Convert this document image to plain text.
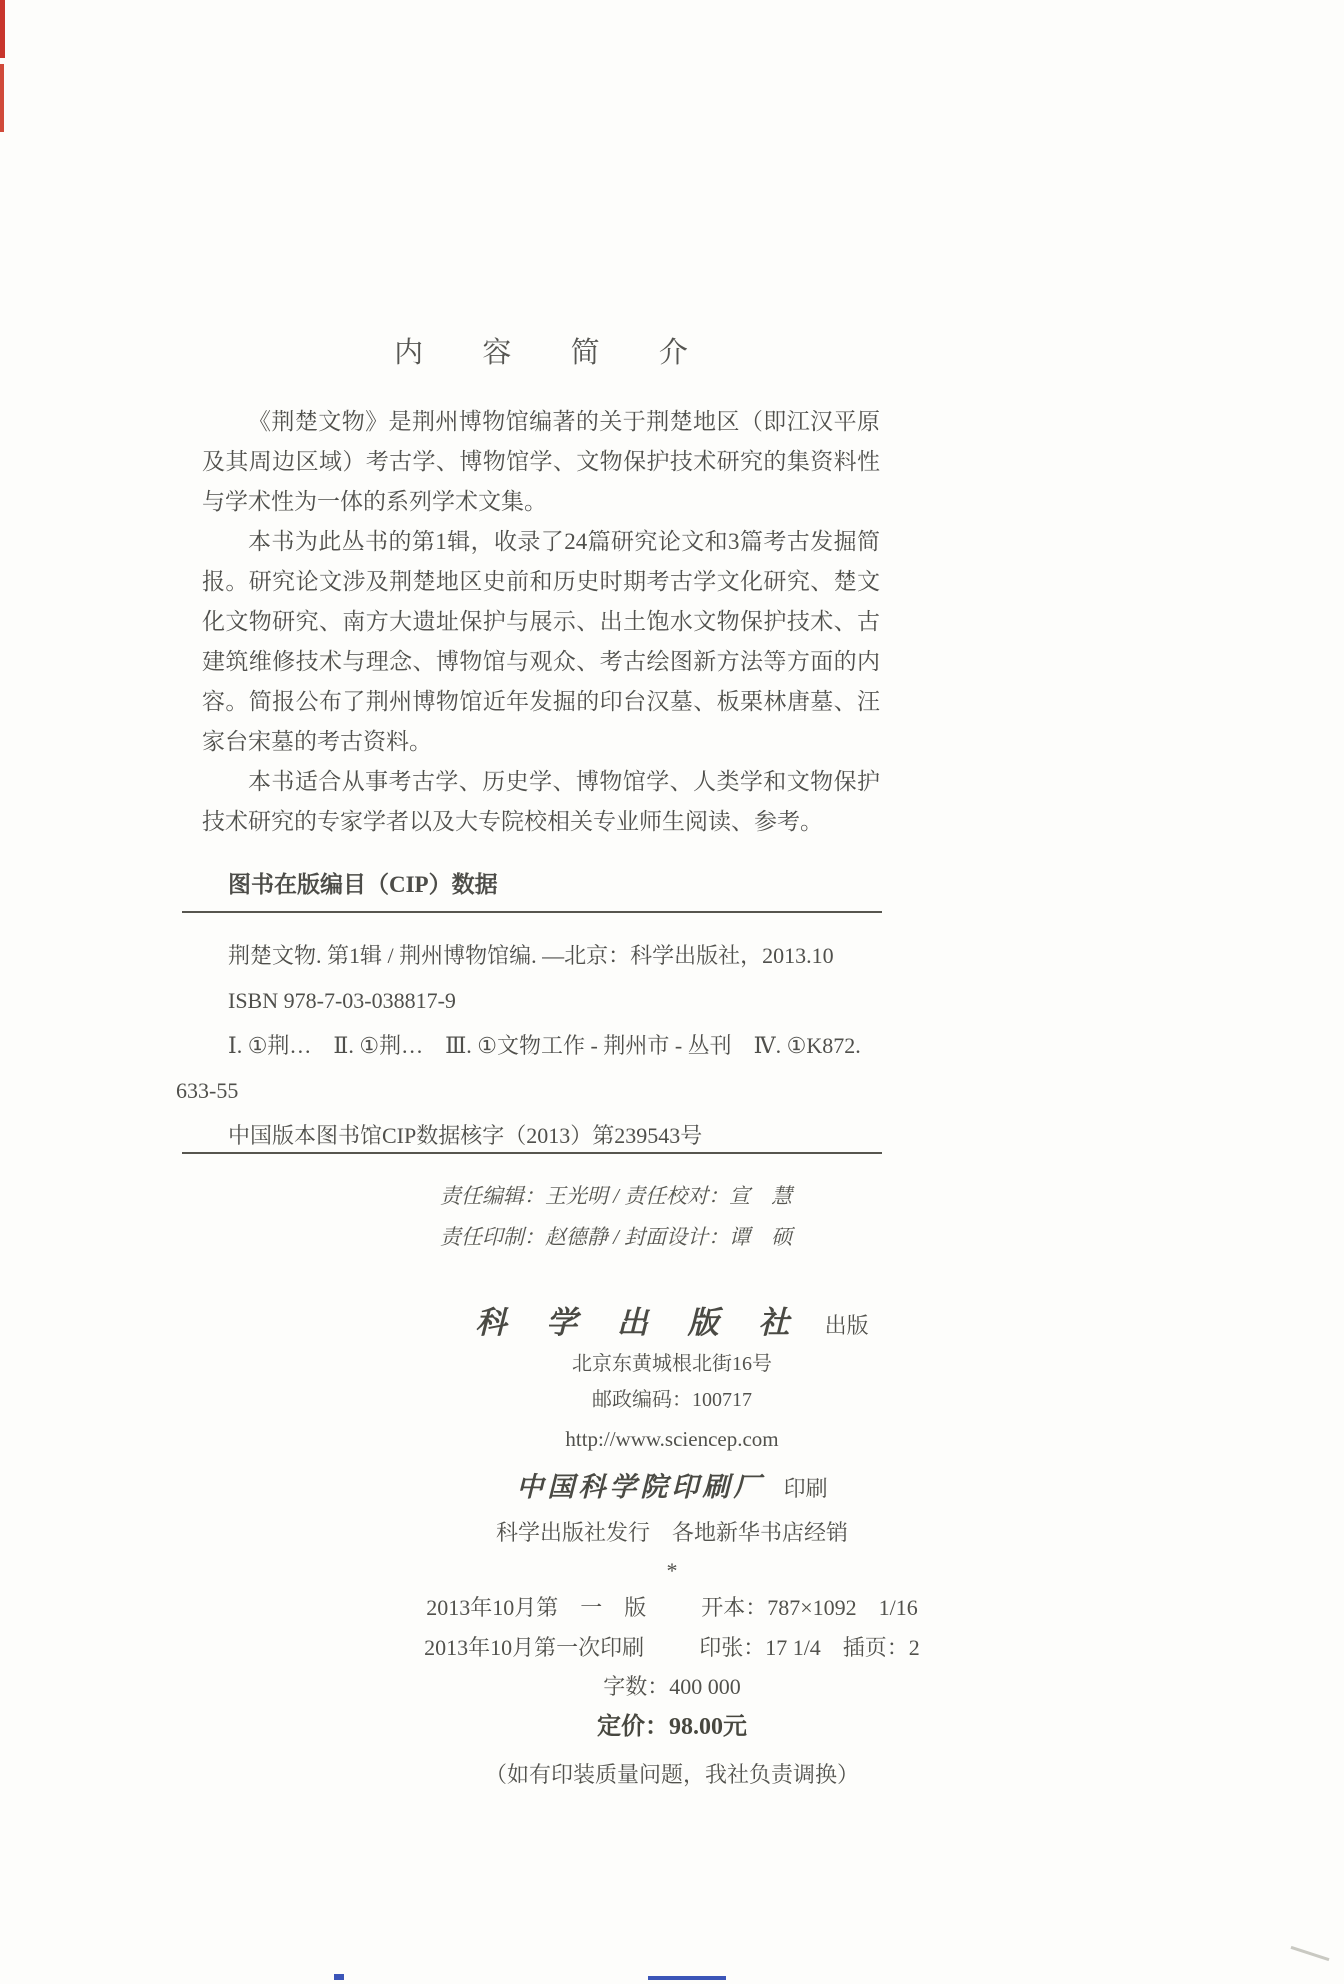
内 容 简 介

《荆楚文物》是荆州博物馆编著的关于荆楚地区（即江汉平原及其周边区域）考古学、博物馆学、文物保护技术研究的集资料性与学术性为一体的系列学术文集。

本书为此丛书的第1辑，收录了24篇研究论文和3篇考古发掘简报。研究论文涉及荆楚地区史前和历史时期考古学文化研究、楚文化文物研究、南方大遗址保护与展示、出土饱水文物保护技术、古建筑维修技术与理念、博物馆与观众、考古绘图新方法等方面的内容。简报公布了荆州博物馆近年发掘的印台汉墓、板栗林唐墓、汪家台宋墓的考古资料。

本书适合从事考古学、历史学、博物馆学、人类学和文物保护技术研究的专家学者以及大专院校相关专业师生阅读、参考。

图书在版编目（CIP）数据

荆楚文物. 第1辑 / 荆州博物馆编. —北京：科学出版社，2013.10

ISBN 978-7-03-038817-9

Ⅰ. ①荆…　Ⅱ. ①荆…　Ⅲ. ①文物工作 - 荆州市 - 丛刊　Ⅳ. ①K872.

633-55

中国版本图书馆CIP数据核字（2013）第239543号

责任编辑：王光明 / 责任校对：宣　慧

责任印制：赵德静 / 封面设计：谭　硕

科 学 出 版 社 出版

北京东黄城根北街16号

邮政编码：100717

http://www.sciencep.com

中国科学院印刷厂 印刷

科学出版社发行　各地新华书店经销

*

2013年10月第　一　版	开本：787×1092　1/16
2013年10月第一次印刷	印张：17 1/4　插页：2

字数：400 000

定价：98.00元

（如有印装质量问题，我社负责调换）
